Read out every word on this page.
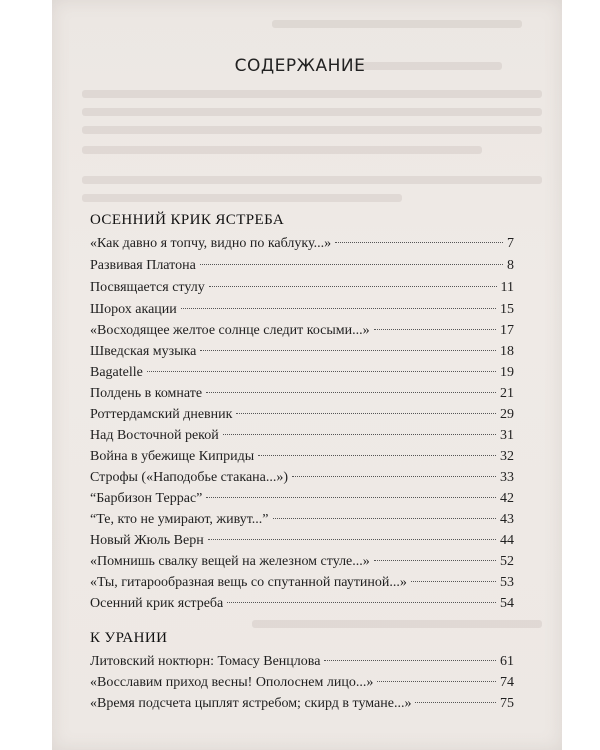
СОДЕРЖАНИЕ
ОСЕННИЙ КРИК ЯСТРЕБА
«Как давно я топчу, видно по каблуку...»	7
Развивая Платона	8
Посвящается стулу	11
Шорох акации	15
«Восходящее желтое солнце следит косыми...»	17
Шведская музыка	18
Bagatelle	19
Полдень в комнате	21
Роттердамский дневник	29
Над Восточной рекой	31
Война в убежище Киприды	32
Строфы («Наподобье стакана...»)	33
“Барбизон Террас”	42
“Те, кто не умирают, живут...”	43
Новый Жюль Верн	44
«Помнишь свалку вещей на железном стуле...»	52
«Ты, гитарообразная вещь со спутанной паутиной...»	53
Осенний крик ястреба	54
К УРАНИИ
Литовский ноктюрн: Томасу Венцлова	61
«Восславим приход весны! Ополоснем лицо...»	74
«Время подсчета цыплят ястребом; скирд в тумане...»	75
